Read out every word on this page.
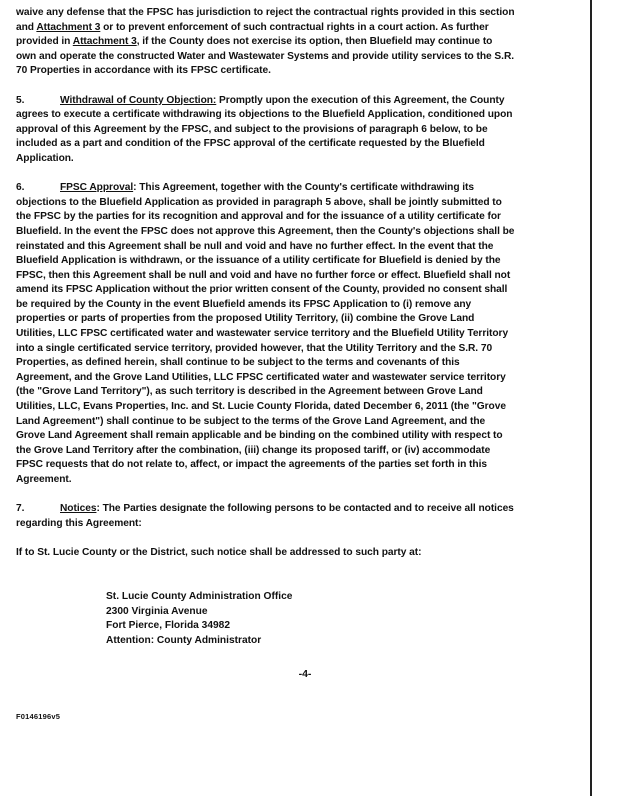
waive any defense that the FPSC has jurisdiction to reject the contractual rights provided in this section
and Attachment 3 or to prevent enforcement of such contractual rights in a court action. As further
provided in Attachment 3, if the County does not exercise its option, then Bluefield may continue to
own and operate the constructed Water and Wastewater Systems and provide utility services to the S.R.
70 Properties in accordance with its FPSC certificate.
5.	Withdrawal of County Objection: Promptly upon the execution of this Agreement, the County
agrees to execute a certificate withdrawing its objections to the Bluefield Application, conditioned upon
approval of this Agreement by the FPSC, and subject to the provisions of paragraph 6 below, to be
included as a part and condition of the FPSC approval of the certificate requested by the Bluefield
Application.
6.	FPSC Approval: This Agreement, together with the County's certificate withdrawing its
objections to the Bluefield Application as provided in paragraph 5 above, shall be jointly submitted to
the FPSC by the parties for its recognition and approval and for the issuance of a utility certificate for
Bluefield. In the event the FPSC does not approve this Agreement, then the County's objections shall be
reinstated and this Agreement shall be null and void and have no further effect. In the event that the
Bluefield Application is withdrawn, or the issuance of a utility certificate for Bluefield is denied by the
FPSC, then this Agreement shall be null and void and have no further force or effect. Bluefield shall not
amend its FPSC Application without the prior written consent of the County, provided no consent shall
be required by the County in the event Bluefield amends its FPSC Application to (i) remove any
properties or parts of properties from the proposed Utility Territory, (ii) combine the Grove Land
Utilities, LLC FPSC certificated water and wastewater service territory and the Bluefield Utility Territory
into a single certificated service territory, provided however, that the Utility Territory and the S.R. 70
Properties, as defined herein, shall continue to be subject to the terms and covenants of this
Agreement, and the Grove Land Utilities, LLC FPSC certificated water and wastewater service territory
(the "Grove Land Territory"), as such territory is described in the Agreement between Grove Land
Utilities, LLC, Evans Properties, Inc. and St. Lucie County Florida, dated December 6, 2011 (the "Grove
Land Agreement") shall continue to be subject to the terms of the Grove Land Agreement, and the
Grove Land Agreement shall remain applicable and be binding on the combined utility with respect to
the Grove Land Territory after the combination, (iii) change its proposed tariff, or (iv) accommodate
FPSC requests that do not relate to, affect, or impact the agreements of the parties set forth in this
Agreement.
7.	Notices: The Parties designate the following persons to be contacted and to receive all notices
regarding this Agreement:
If to St. Lucie County or the District, such notice shall be addressed to such party at:
St. Lucie County Administration Office
2300 Virginia Avenue
Fort Pierce, Florida 34982
Attention: County Administrator
-4-
F0146196v5
